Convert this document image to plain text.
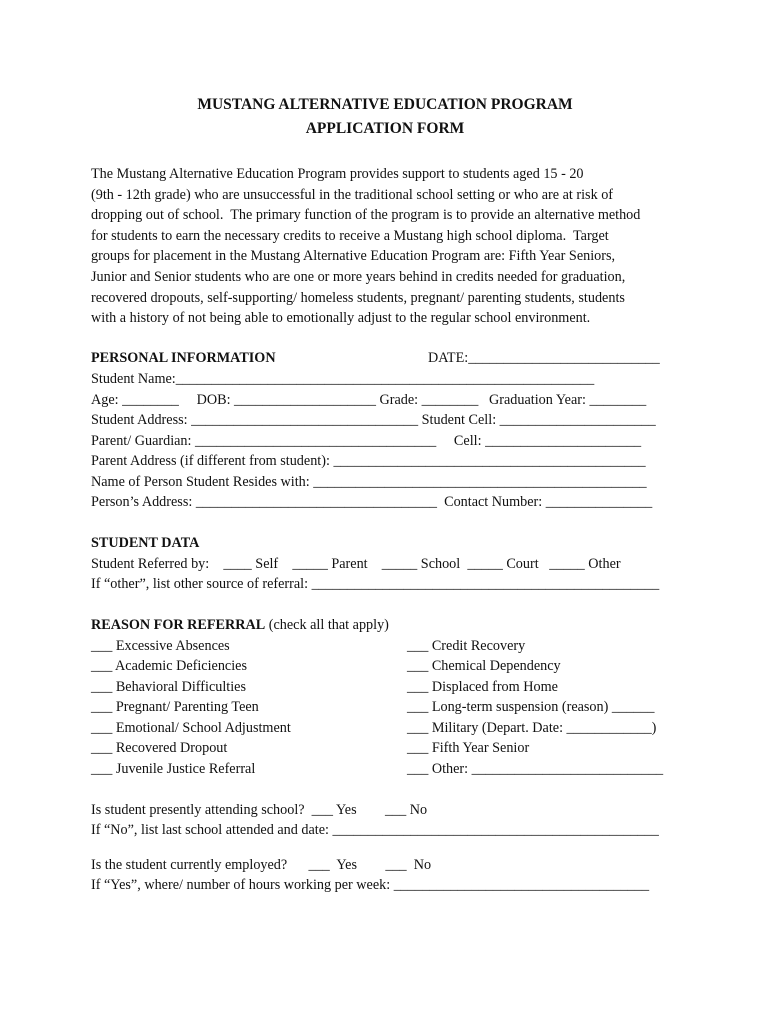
MUSTANG ALTERNATIVE EDUCATION PROGRAM
APPLICATION FORM
The Mustang Alternative Education Program provides support to students aged 15 - 20
(9th - 12th grade) who are unsuccessful in the traditional school setting or who are at risk of
dropping out of school.  The primary function of the program is to provide an alternative method
for students to earn the necessary credits to receive a Mustang high school diploma.  Target
groups for placement in the Mustang Alternative Education Program are: Fifth Year Seniors,
Junior and Senior students who are one or more years behind in credits needed for graduation,
recovered dropouts, self-supporting/ homeless students, pregnant/ parenting students, students
with a history of not being able to emotionally adjust to the regular school environment.
PERSONAL INFORMATION	DATE:___________________________
Student Name:___________________________________________________________
Age: ________     DOB: ____________________ Grade: ________   Graduation Year: ________
Student Address: ________________________________ Student Cell: ______________________
Parent/ Guardian: __________________________________     Cell: ______________________
Parent Address (if different from student): ____________________________________________
Name of Person Student Resides with: _______________________________________________
Person’s Address: __________________________________  Contact Number: _______________
STUDENT DATA
Student Referred by:    ____ Self    _____ Parent    _____ School  _____ Court   _____ Other
If “other”, list other source of referral: _________________________________________________
REASON FOR REFERRAL (check all that apply)
___ Excessive Absences
___ Academic Deficiencies
___ Behavioral Difficulties
___ Pregnant/ Parenting Teen
___ Emotional/ School Adjustment
___ Recovered Dropout
___ Juvenile Justice Referral
___ Credit Recovery
___ Chemical Dependency
___ Displaced from Home
___ Long-term suspension (reason) ______
___ Military (Depart. Date: ____________)
___ Fifth Year Senior
___ Other: ___________________________
Is student presently attending school?  ___ Yes        ___ No
If “No”, list last school attended and date: ______________________________________________
Is the student currently employed?      ___  Yes        ___  No
If “Yes”, where/ number of hours working per week: ____________________________________
